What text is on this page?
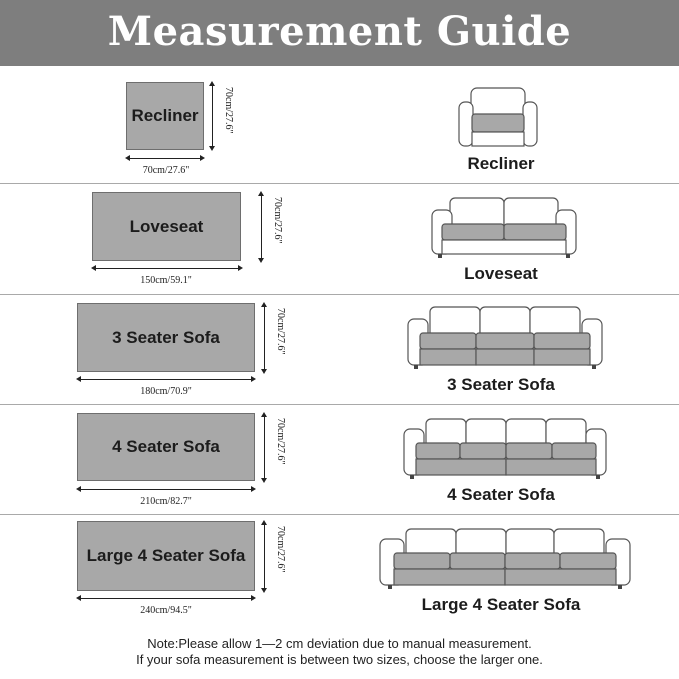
Measurement Guide
Recliner 70cm/27.6"
70cm/27.6"	Recliner
Loveseat	70cm/27.6"
150cm/59.1"	Loveseat
3 Seater Sofa	70cm/27.6"
180cm/70.9"	3 Seater Sofa
4 Seater Sofa	70cm/27.6"
210cm/82.7"	4 Seater Sofa
Large 4 Seater Sofa	70cm/27.6"
240cm/94.5"	Large 4 Seater Sofa
Note:Please allow 1—2 cm deviation due to manual measurement.
If your sofa measurement is between two sizes, choose the larger one.
